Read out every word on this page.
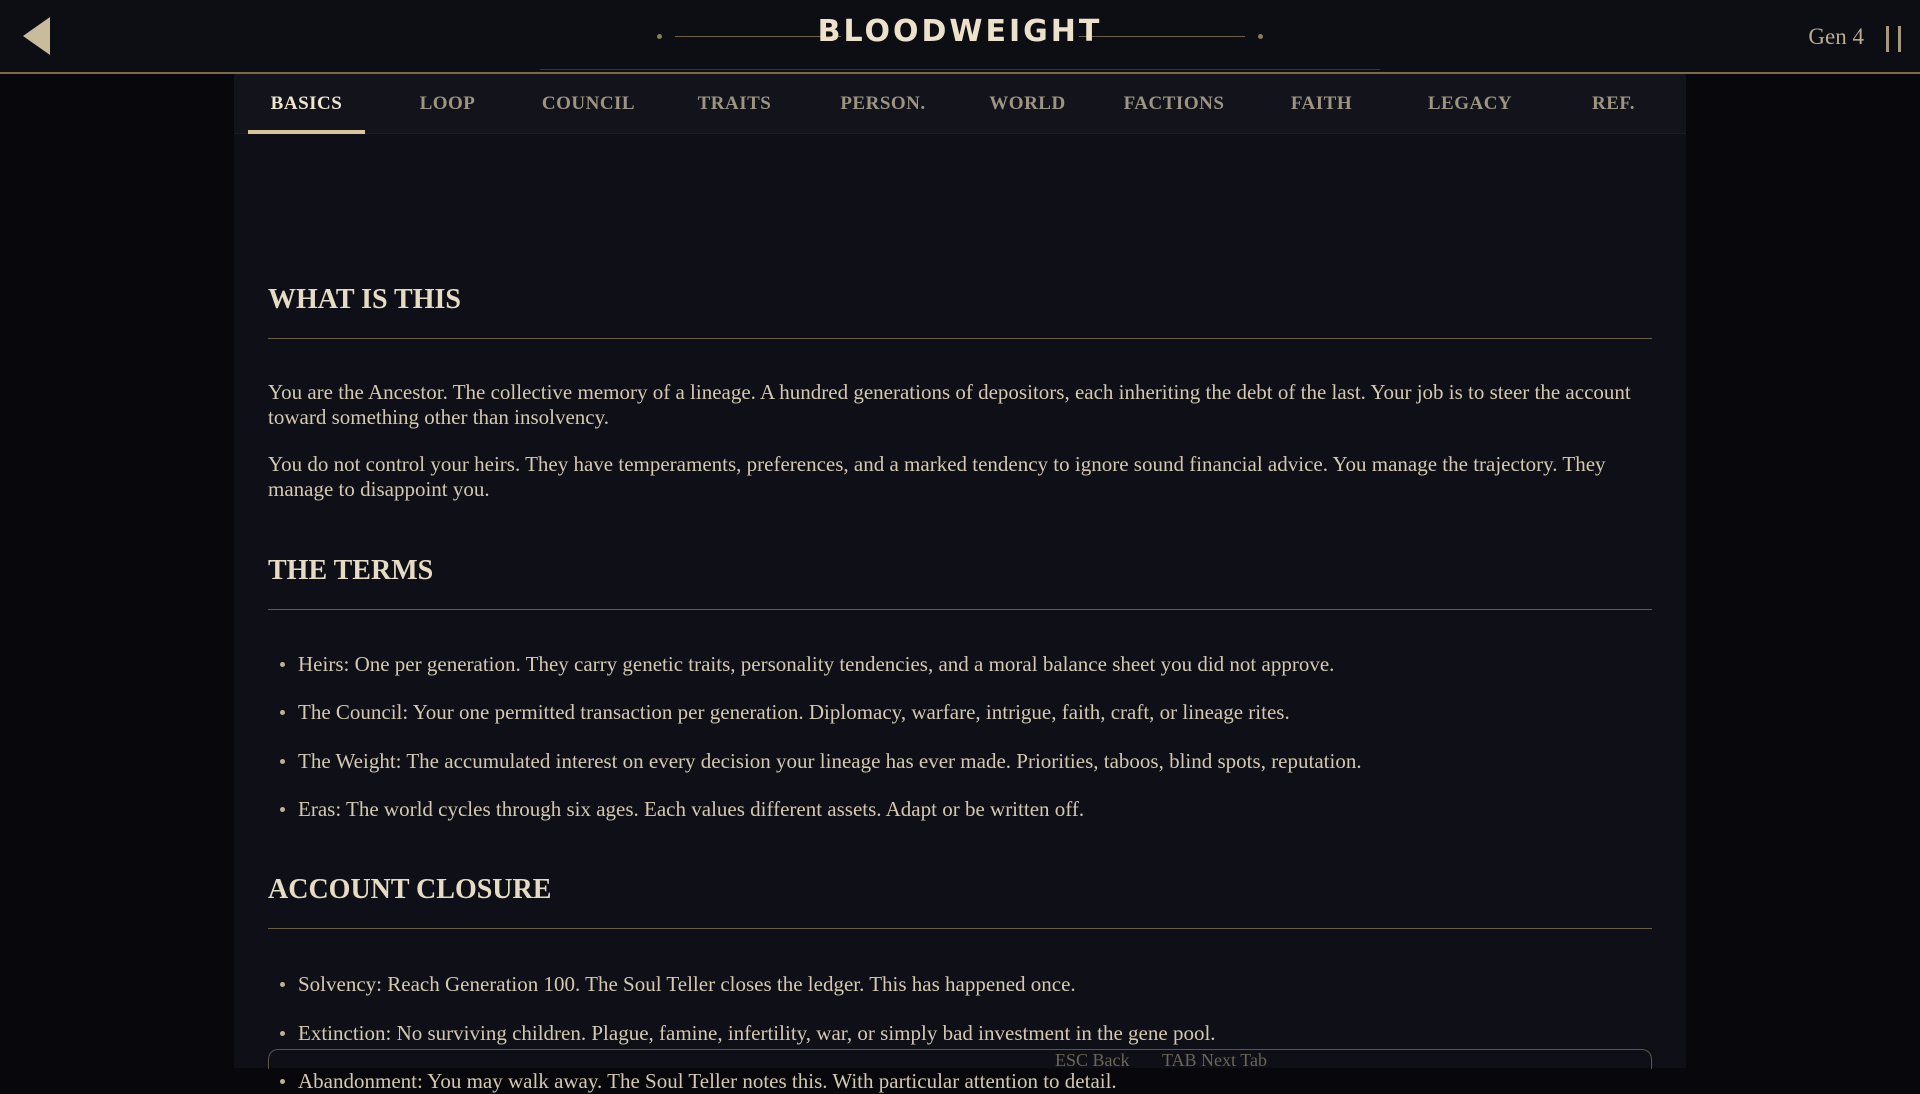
BLOODWEIGHT	Gen 4
BASICS	LOOP	COUNCIL	TRAITS	PERSON.	WORLD	FACTIONS	FAITH	LEGACY	REF.
WHAT IS THIS

You are the Ancestor. The collective memory of a lineage. A hundred generations of depositors, each inheriting the debt of the last. Your job is to steer the account toward something other than insolvency.

You do not control your heirs. They have temperaments, preferences, and a marked tendency to ignore sound financial advice. You manage the trajectory. They manage to disappoint you.

THE TERMS

Heirs: One per generation. They carry genetic traits, personality tendencies, and a moral balance sheet you did not approve.

The Council: Your one permitted transaction per generation. Diplomacy, warfare, intrigue, faith, craft, or lineage rites.

The Weight: The accumulated interest on every decision your lineage has ever made. Priorities, taboos, blind spots, reputation.

Eras: The world cycles through six ages. Each values different assets. Adapt or be written off.

ACCOUNT CLOSURE

Solvency: Reach Generation 100. The Soul Teller closes the ledger. This has happened once.

Extinction: No surviving children. Plague, famine, infertility, war, or simply bad investment in the gene pool.

Abandonment: You may walk away. The Soul Teller notes this. With particular attention to detail.

ESC Back TAB Next Tab
